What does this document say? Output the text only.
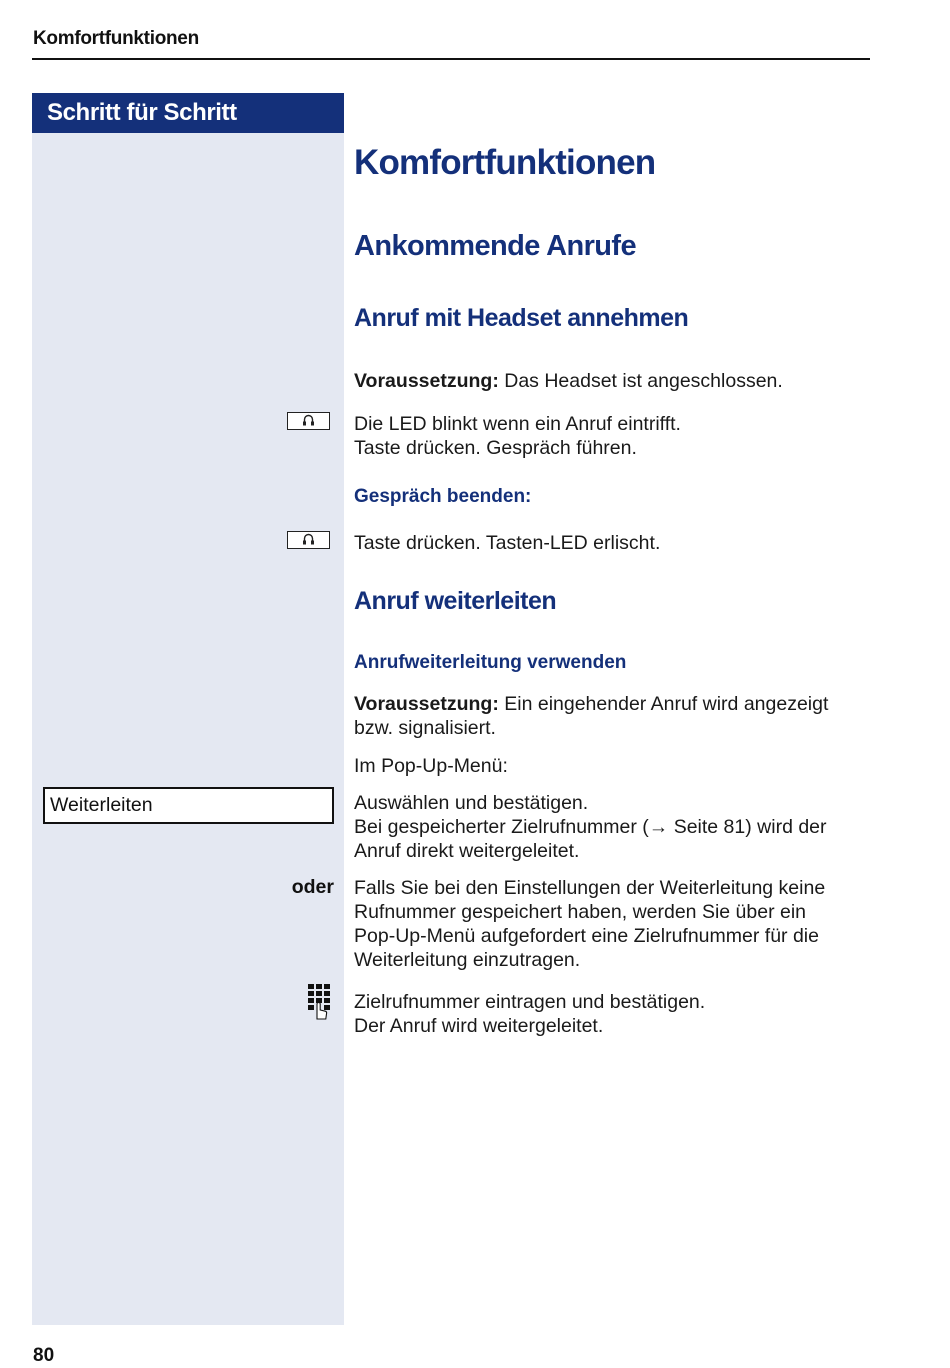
Komfortfunktionen
Schritt für Schritt
Komfortfunktionen
Ankommende Anrufe
Anruf mit Headset annehmen
Voraussetzung: Das Headset ist angeschlossen.
Die LED blinkt wenn ein Anruf eintrifft.
Taste drücken. Gespräch führen.
Gespräch beenden:
Taste drücken. Tasten-LED erlischt.
Anruf weiterleiten
Anrufweiterleitung verwenden
Voraussetzung: Ein eingehender Anruf wird angezeigt
bzw. signalisiert.
Im Pop-Up-Menü:
Weiterleiten	Auswählen und bestätigen.
Bei gespeicherter Zielrufnummer (→ Seite 81) wird der
Anruf direkt weitergeleitet.
oder Falls Sie bei den Einstellungen der Weiterleitung keine
Rufnummer gespeichert haben, werden Sie über ein
Pop-Up-Menü aufgefordert eine Zielrufnummer für die
Weiterleitung einzutragen.
Zielrufnummer eintragen und bestätigen.
Der Anruf wird weitergeleitet.
80
